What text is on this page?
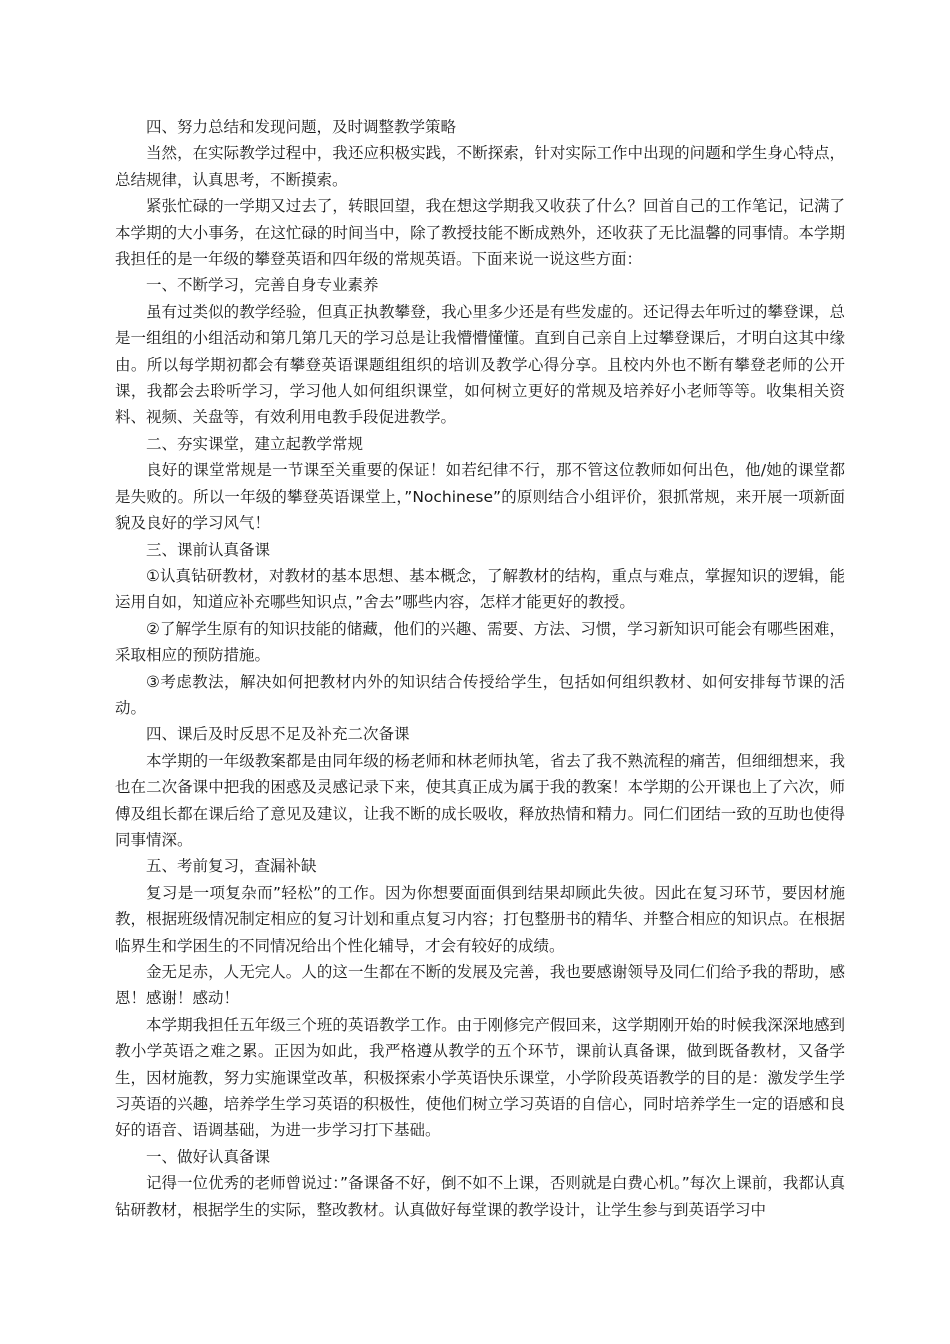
四、努力总结和发现问题，及时调整教学策略

当然，在实际教学过程中，我还应积极实践，不断探索，针对实际工作中出现的问题和学生身心特点，总结规律，认真思考，不断摸索。

紧张忙碌的一学期又过去了，转眼回望，我在想这学期我又收获了什么？回首自己的工作笔记，记满了本学期的大小事务，在这忙碌的时间当中，除了教授技能不断成熟外，还收获了无比温馨的同事情。本学期我担任的是一年级的攀登英语和四年级的常规英语。下面来说一说这些方面：

一、不断学习，完善自身专业素养

虽有过类似的教学经验，但真正执教攀登，我心里多少还是有些发虚的。还记得去年听过的攀登课，总是一组组的小组活动和第几第几天的学习总是让我懵懵懂懂。直到自己亲自上过攀登课后，才明白这其中缘由。所以每学期初都会有攀登英语课题组组织的培训及教学心得分享。且校内外也不断有攀登老师的公开课，我都会去聆听学习，学习他人如何组织课堂，如何树立更好的常规及培养好小老师等等。收集相关资料、视频、关盘等，有效利用电教手段促进教学。

二、夯实课堂，建立起教学常规

良好的课堂常规是一节课至关重要的保证！如若纪律不行，那不管这位教师如何出色，他/她的课堂都是失败的。所以一年级的攀登英语课堂上，”Nochinese”的原则结合小组评价，狠抓常规，来开展一项新面貌及良好的学习风气！

三、课前认真备课

①认真钻研教材，对教材的基本思想、基本概念，了解教材的结构，重点与难点，掌握知识的逻辑，能运用自如，知道应补充哪些知识点，”舍去”哪些内容，怎样才能更好的教授。

②了解学生原有的知识技能的储藏，他们的兴趣、需要、方法、习惯，学习新知识可能会有哪些困难，采取相应的预防措施。

③考虑教法，解决如何把教材内外的知识结合传授给学生，包括如何组织教材、如何安排每节课的活动。

四、课后及时反思不足及补充二次备课

本学期的一年级教案都是由同年级的杨老师和林老师执笔，省去了我不熟流程的痛苦，但细细想来，我也在二次备课中把我的困惑及灵感记录下来，使其真正成为属于我的教案！本学期的公开课也上了六次，师傅及组长都在课后给了意见及建议，让我不断的成长吸收，释放热情和精力。同仁们团结一致的互助也使得同事情深。

五、考前复习，查漏补缺

复习是一项复杂而”轻松”的工作。因为你想要面面俱到结果却顾此失彼。因此在复习环节，要因材施教，根据班级情况制定相应的复习计划和重点复习内容；打包整册书的精华、并整合相应的知识点。在根据临界生和学困生的不同情况给出个性化辅导，才会有较好的成绩。

金无足赤，人无完人。人的这一生都在不断的发展及完善，我也要感谢领导及同仁们给予我的帮助，感恩！感谢！感动！

本学期我担任五年级三个班的英语教学工作。由于刚修完产假回来，这学期刚开始的时候我深深地感到教小学英语之难之累。正因为如此，我严格遵从教学的五个环节，课前认真备课，做到既备教材，又备学生，因材施教，努力实施课堂改革，积极探索小学英语快乐课堂，小学阶段英语教学的目的是：激发学生学习英语的兴趣，培养学生学习英语的积极性，使他们树立学习英语的自信心，同时培养学生一定的语感和良好的语音、语调基础，为进一步学习打下基础。

一、做好认真备课

记得一位优秀的老师曾说过：”备课备不好，倒不如不上课，否则就是白费心机。”每次上课前，我都认真钻研教材，根据学生的实际，整改教材。认真做好每堂课的教学设计，让学生参与到英语学习中
